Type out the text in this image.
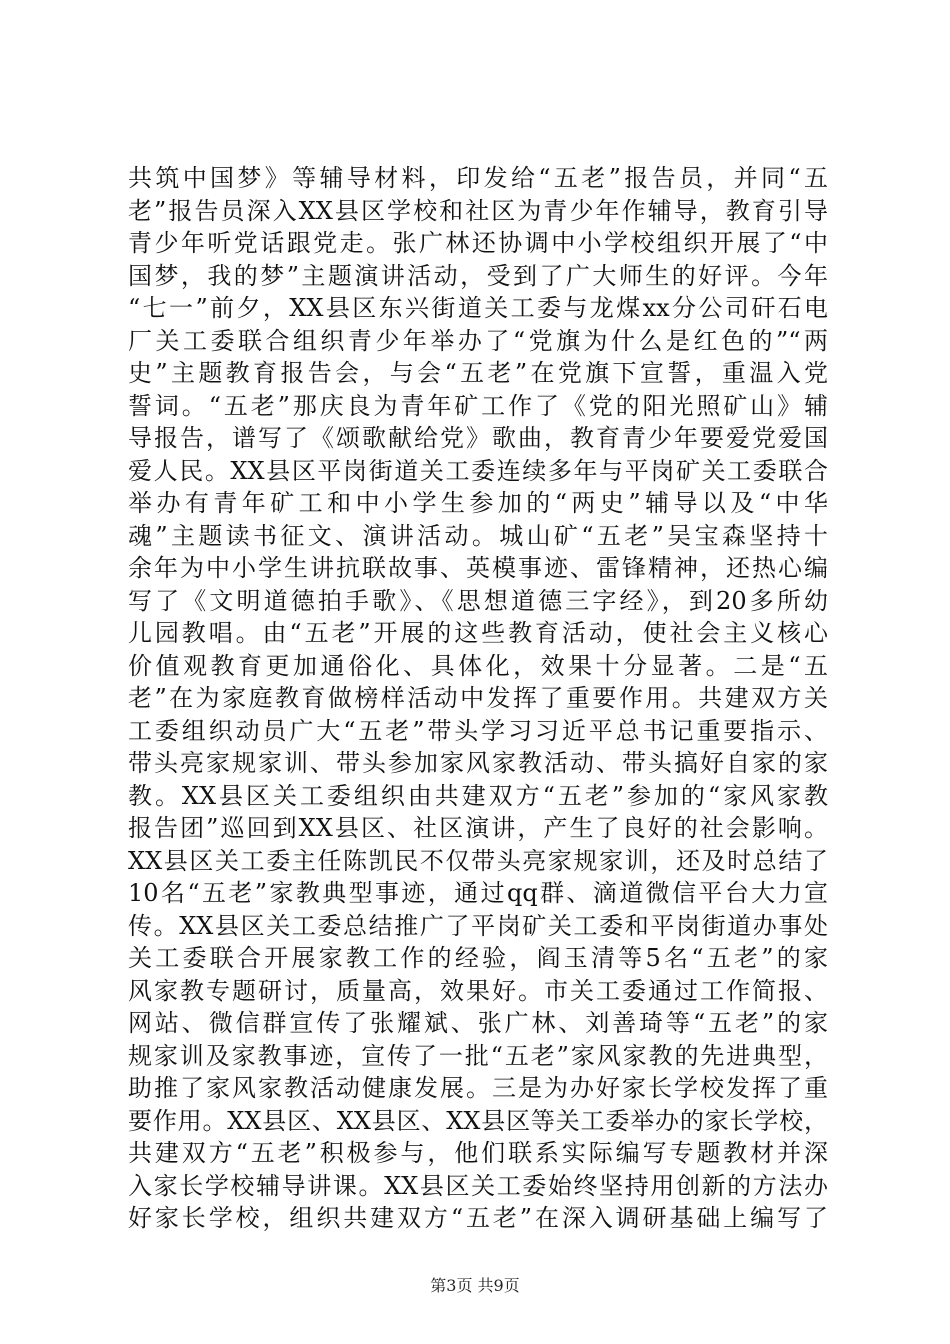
共筑中国梦》等辅导材料，印发给“五老”报告员，并同“五
老”报告员深入XX县区学校和社区为青少年作辅导，教育引导
青少年听党话跟党走。张广林还协调中小学校组织开展了“中
国梦，我的梦”主题演讲活动，受到了广大师生的好评。今年
“七一”前夕，XX县区东兴街道关工委与龙煤xx分公司矸石电
厂关工委联合组织青少年举办了“党旗为什么是红色的”“两
史”主题教育报告会，与会“五老”在党旗下宣誓，重温入党
誓词。“五老”那庆良为青年矿工作了《党的阳光照矿山》辅
导报告，谱写了《颂歌献给党》歌曲，教育青少年要爱党爱国
爱人民。XX县区平岗街道关工委连续多年与平岗矿关工委联合
举办有青年矿工和中小学生参加的“两史”辅导以及“中华
魂”主题读书征文、演讲活动。城山矿“五老”吴宝森坚持十
余年为中小学生讲抗联故事、英模事迹、雷锋精神，还热心编
写了《文明道德拍手歌》、《思想道德三字经》，到20多所幼
儿园教唱。由“五老”开展的这些教育活动，使社会主义核心
价值观教育更加通俗化、具体化，效果十分显著。二是“五
老”在为家庭教育做榜样活动中发挥了重要作用。共建双方关
工委组织动员广大“五老”带头学习习近平总书记重要指示、
带头亮家规家训、带头参加家风家教活动、带头搞好自家的家
教。XX县区关工委组织由共建双方“五老”参加的“家风家教
报告团”巡回到XX县区、社区演讲，产生了良好的社会影响。
XX县区关工委主任陈凯民不仅带头亮家规家训，还及时总结了
10名“五老”家教典型事迹，通过qq群、滴道微信平台大力宣
传。XX县区关工委总结推广了平岗矿关工委和平岗街道办事处
关工委联合开展家教工作的经验，阎玉清等5名“五老”的家
风家教专题研讨，质量高，效果好。市关工委通过工作简报、
网站、微信群宣传了张耀斌、张广林、刘善琦等“五老”的家
规家训及家教事迹，宣传了一批“五老”家风家教的先进典型，
助推了家风家教活动健康发展。三是为办好家长学校发挥了重
要作用。XX县区、XX县区、XX县区等关工委举办的家长学校，
共建双方“五老”积极参与，他们联系实际编写专题教材并深
入家长学校辅导讲课。XX县区关工委始终坚持用创新的方法办
好家长学校，组织共建双方“五老”在深入调研基础上编写了
第3页 共9页
